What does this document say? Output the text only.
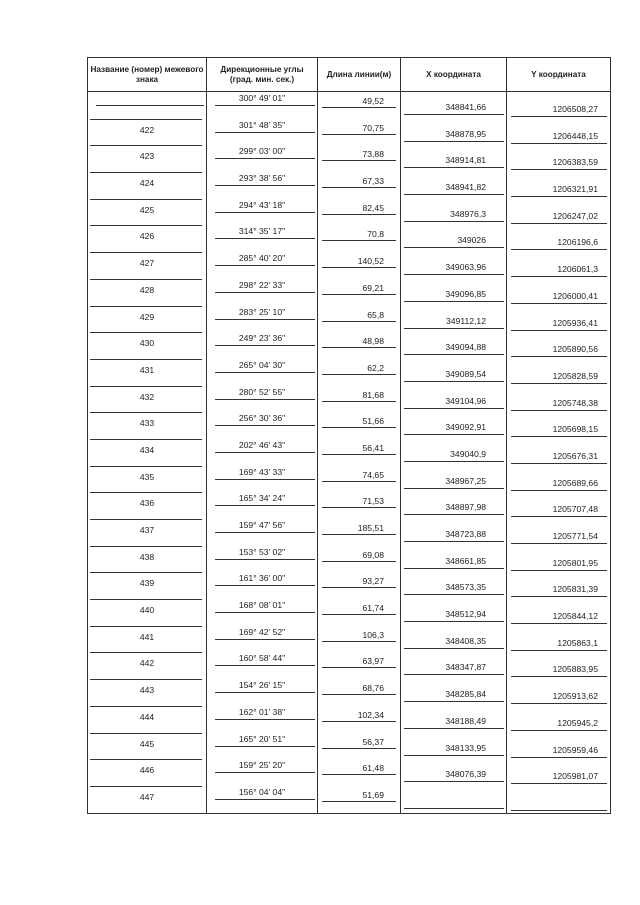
Название (номер) межевого знака	Дирекционные углы (град. мин. сек.)	Длина линии(м)	X координата	Y координата

	300° 49' 01"	49,52	348841,66	1206508,27

422	301° 48' 35"	70,75	348878,95	1206448,15

423	299° 03' 00"	73,88	348914,81	1206383,59

424	293° 38' 56"	67,33	348941,82	1206321,91

425	294° 43' 18"	82,45	348976,3	1206247,02

426	314° 35' 17"	70,8	349026	1206196,6

427	285° 40' 20"	140,52	349063,96	1206061,3

428	298° 22' 33"	69,21	349096,85	1206000,41

429	283° 25' 10"	65,8	349112,12	1205936,41

430	249° 23' 36"	48,98	349094,88	1205890,56

431	265° 04' 30"	62,2	349089,54	1205828,59

432	280° 52' 55"	81,68	349104,96	1205748,38

433	256° 30' 36"	51,66	349092,91	1205698,15

434	202° 46' 43"	56,41	349040,9	1205676,31

435	169° 43' 33"	74,65	348967,25	1205689,66

436	165° 34' 24"	71,53	348897,98	1205707,48

437	159° 47' 56"	185,51	348723,88	1205771,54

438	153° 53' 02"	69,08	348661,85	1205801,95

439	161° 36' 00"	93,27	348573,35	1205831,39

440	168° 08' 01"	61,74	348512,94	1205844,12

441	169° 42' 52"	106,3	348408,35	1205863,1

442	160° 58' 44"	63,97	348347,87	1205883,95

443	154° 26' 15"	68,76	348285,84	1205913,62

444	162° 01' 38"	102,34	348188,49	1205945,2

445	165° 20' 51"	56,37	348133,95	1205959,46

446	159° 25' 20"	61,48	348076,39	1205981,07

447	156° 04' 04"	51,69		
